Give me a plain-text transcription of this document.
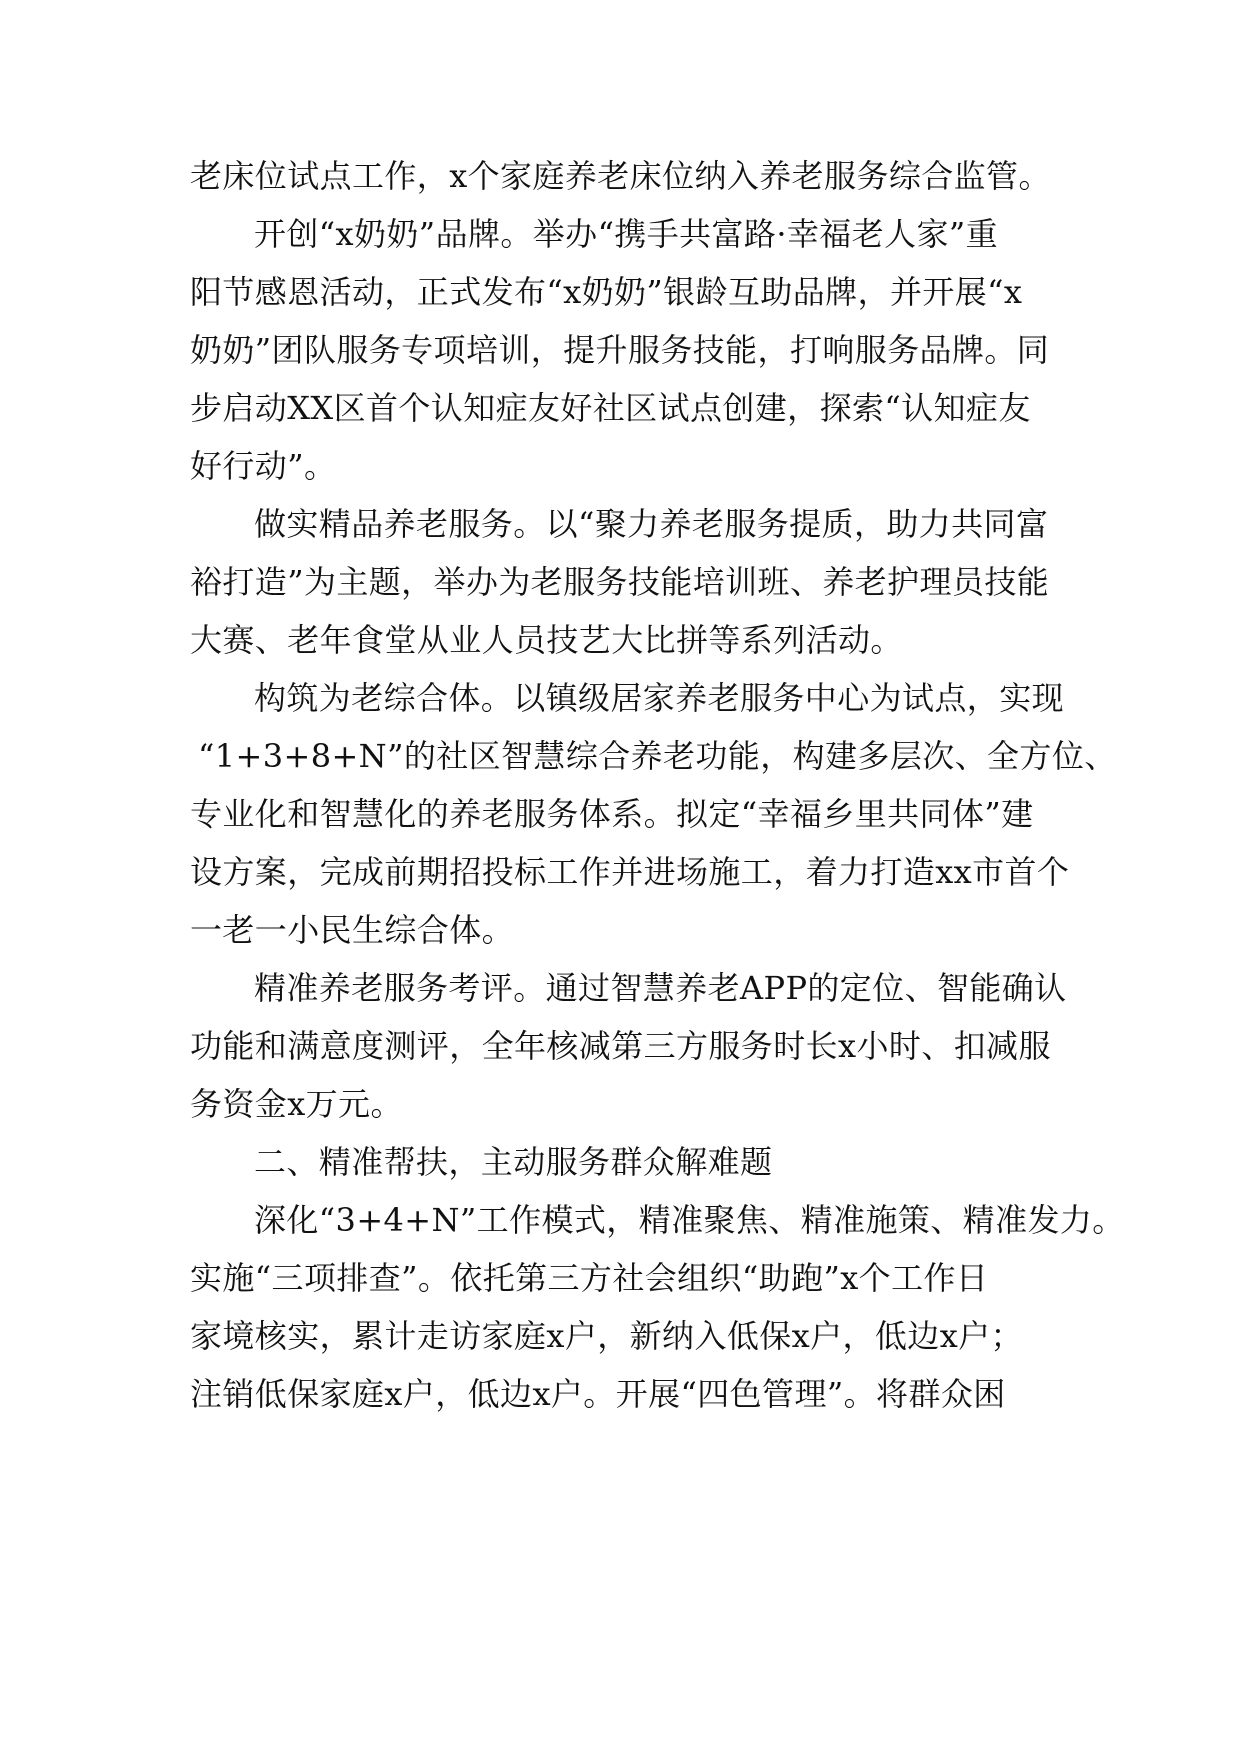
老床位试点工作，x个家庭养老床位纳入养老服务综合监管。
开创“x奶奶”品牌。举办“携手共富路·幸福老人家”重
阳节感恩活动，正式发布“x奶奶”银龄互助品牌，并开展“x
奶奶”团队服务专项培训，提升服务技能，打响服务品牌。同
步启动XX区首个认知症友好社区试点创建，探索“认知症友
好行动”。
做实精品养老服务。以“聚力养老服务提质，助力共同富
裕打造”为主题，举办为老服务技能培训班、养老护理员技能
大赛、老年食堂从业人员技艺大比拼等系列活动。
构筑为老综合体。以镇级居家养老服务中心为试点，实现
“1+3+8+N”的社区智慧综合养老功能，构建多层次、全方位、
专业化和智慧化的养老服务体系。拟定“幸福乡里共同体”建
设方案，完成前期招投标工作并进场施工，着力打造xx市首个
一老一小民生综合体。
精准养老服务考评。通过智慧养老APP的定位、智能确认
功能和满意度测评，全年核减第三方服务时长x小时、扣减服
务资金x万元。
二、精准帮扶，主动服务群众解难题
深化“3+4+N”工作模式，精准聚焦、精准施策、精准发力。
实施“三项排查”。依托第三方社会组织“助跑”x个工作日
家境核实，累计走访家庭x户，新纳入低保x户，低边x户；
注销低保家庭x户，低边x户。开展“四色管理”。将群众困
